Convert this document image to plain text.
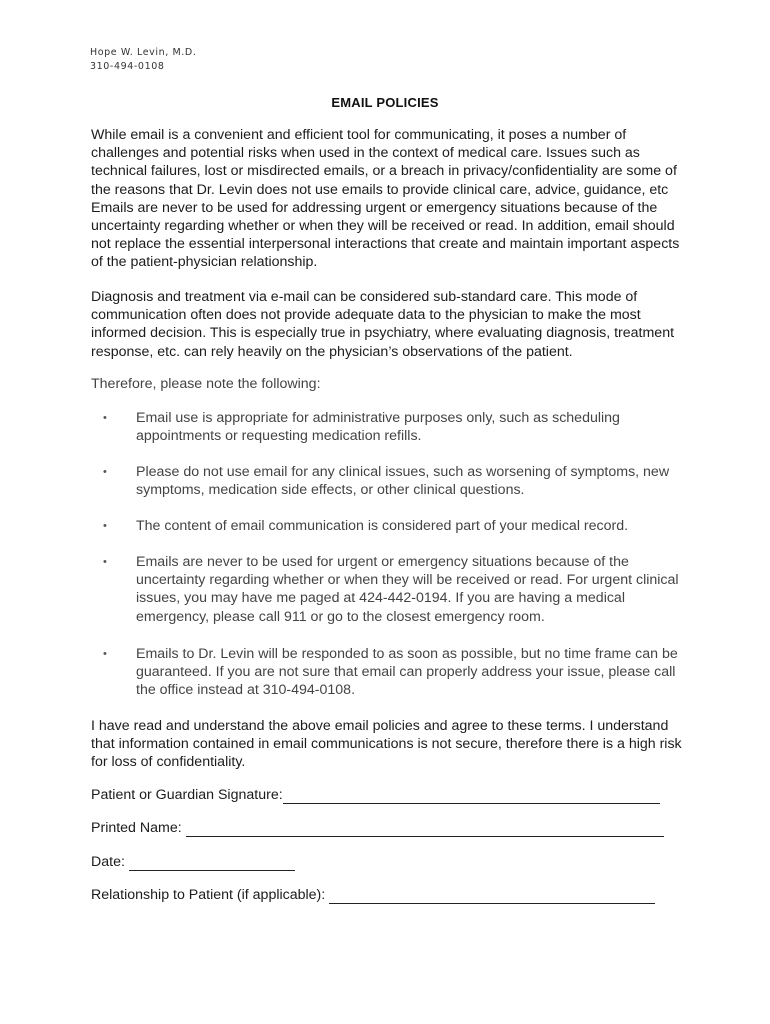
Hope W. Levin, M.D.
310-494-0108
EMAIL POLICIES
While email is a convenient and efficient tool for communicating, it poses a number of challenges and potential risks when used in the context of medical care. Issues such as technical failures, lost or misdirected emails, or a breach in privacy/confidentiality are some of the reasons that Dr. Levin does not use emails to provide clinical care, advice, guidance, etc Emails are never to be used for addressing urgent or emergency situations because of the uncertainty regarding whether or when they will be received or read. In addition, email should not replace the essential interpersonal interactions that create and maintain important aspects of the patient-physician relationship.
Diagnosis and treatment via e-mail can be considered sub-standard care. This mode of communication often does not provide adequate data to the physician to make the most informed decision. This is especially true in psychiatry, where evaluating diagnosis, treatment response, etc. can rely heavily on the physician’s observations of the patient.
Therefore, please note the following:
• Email use is appropriate for administrative purposes only, such as scheduling appointments or requesting medication refills.
• Please do not use email for any clinical issues, such as worsening of symptoms, new symptoms, medication side effects, or other clinical questions.
• The content of email communication is considered part of your medical record.
• Emails are never to be used for urgent or emergency situations because of the uncertainty regarding whether or when they will be received or read. For urgent clinical issues, you may have me paged at 424-442-0194. If you are having a medical emergency, please call 911 or go to the closest emergency room.
• Emails to Dr. Levin will be responded to as soon as possible, but no time frame can be guaranteed. If you are not sure that email can properly address your issue, please call the office instead at 310-494-0108.
I have read and understand the above email policies and agree to these terms. I understand that information contained in email communications is not secure, therefore there is a high risk for loss of confidentiality.
Patient or Guardian Signature:
Printed Name:
Date:
Relationship to Patient (if applicable):
